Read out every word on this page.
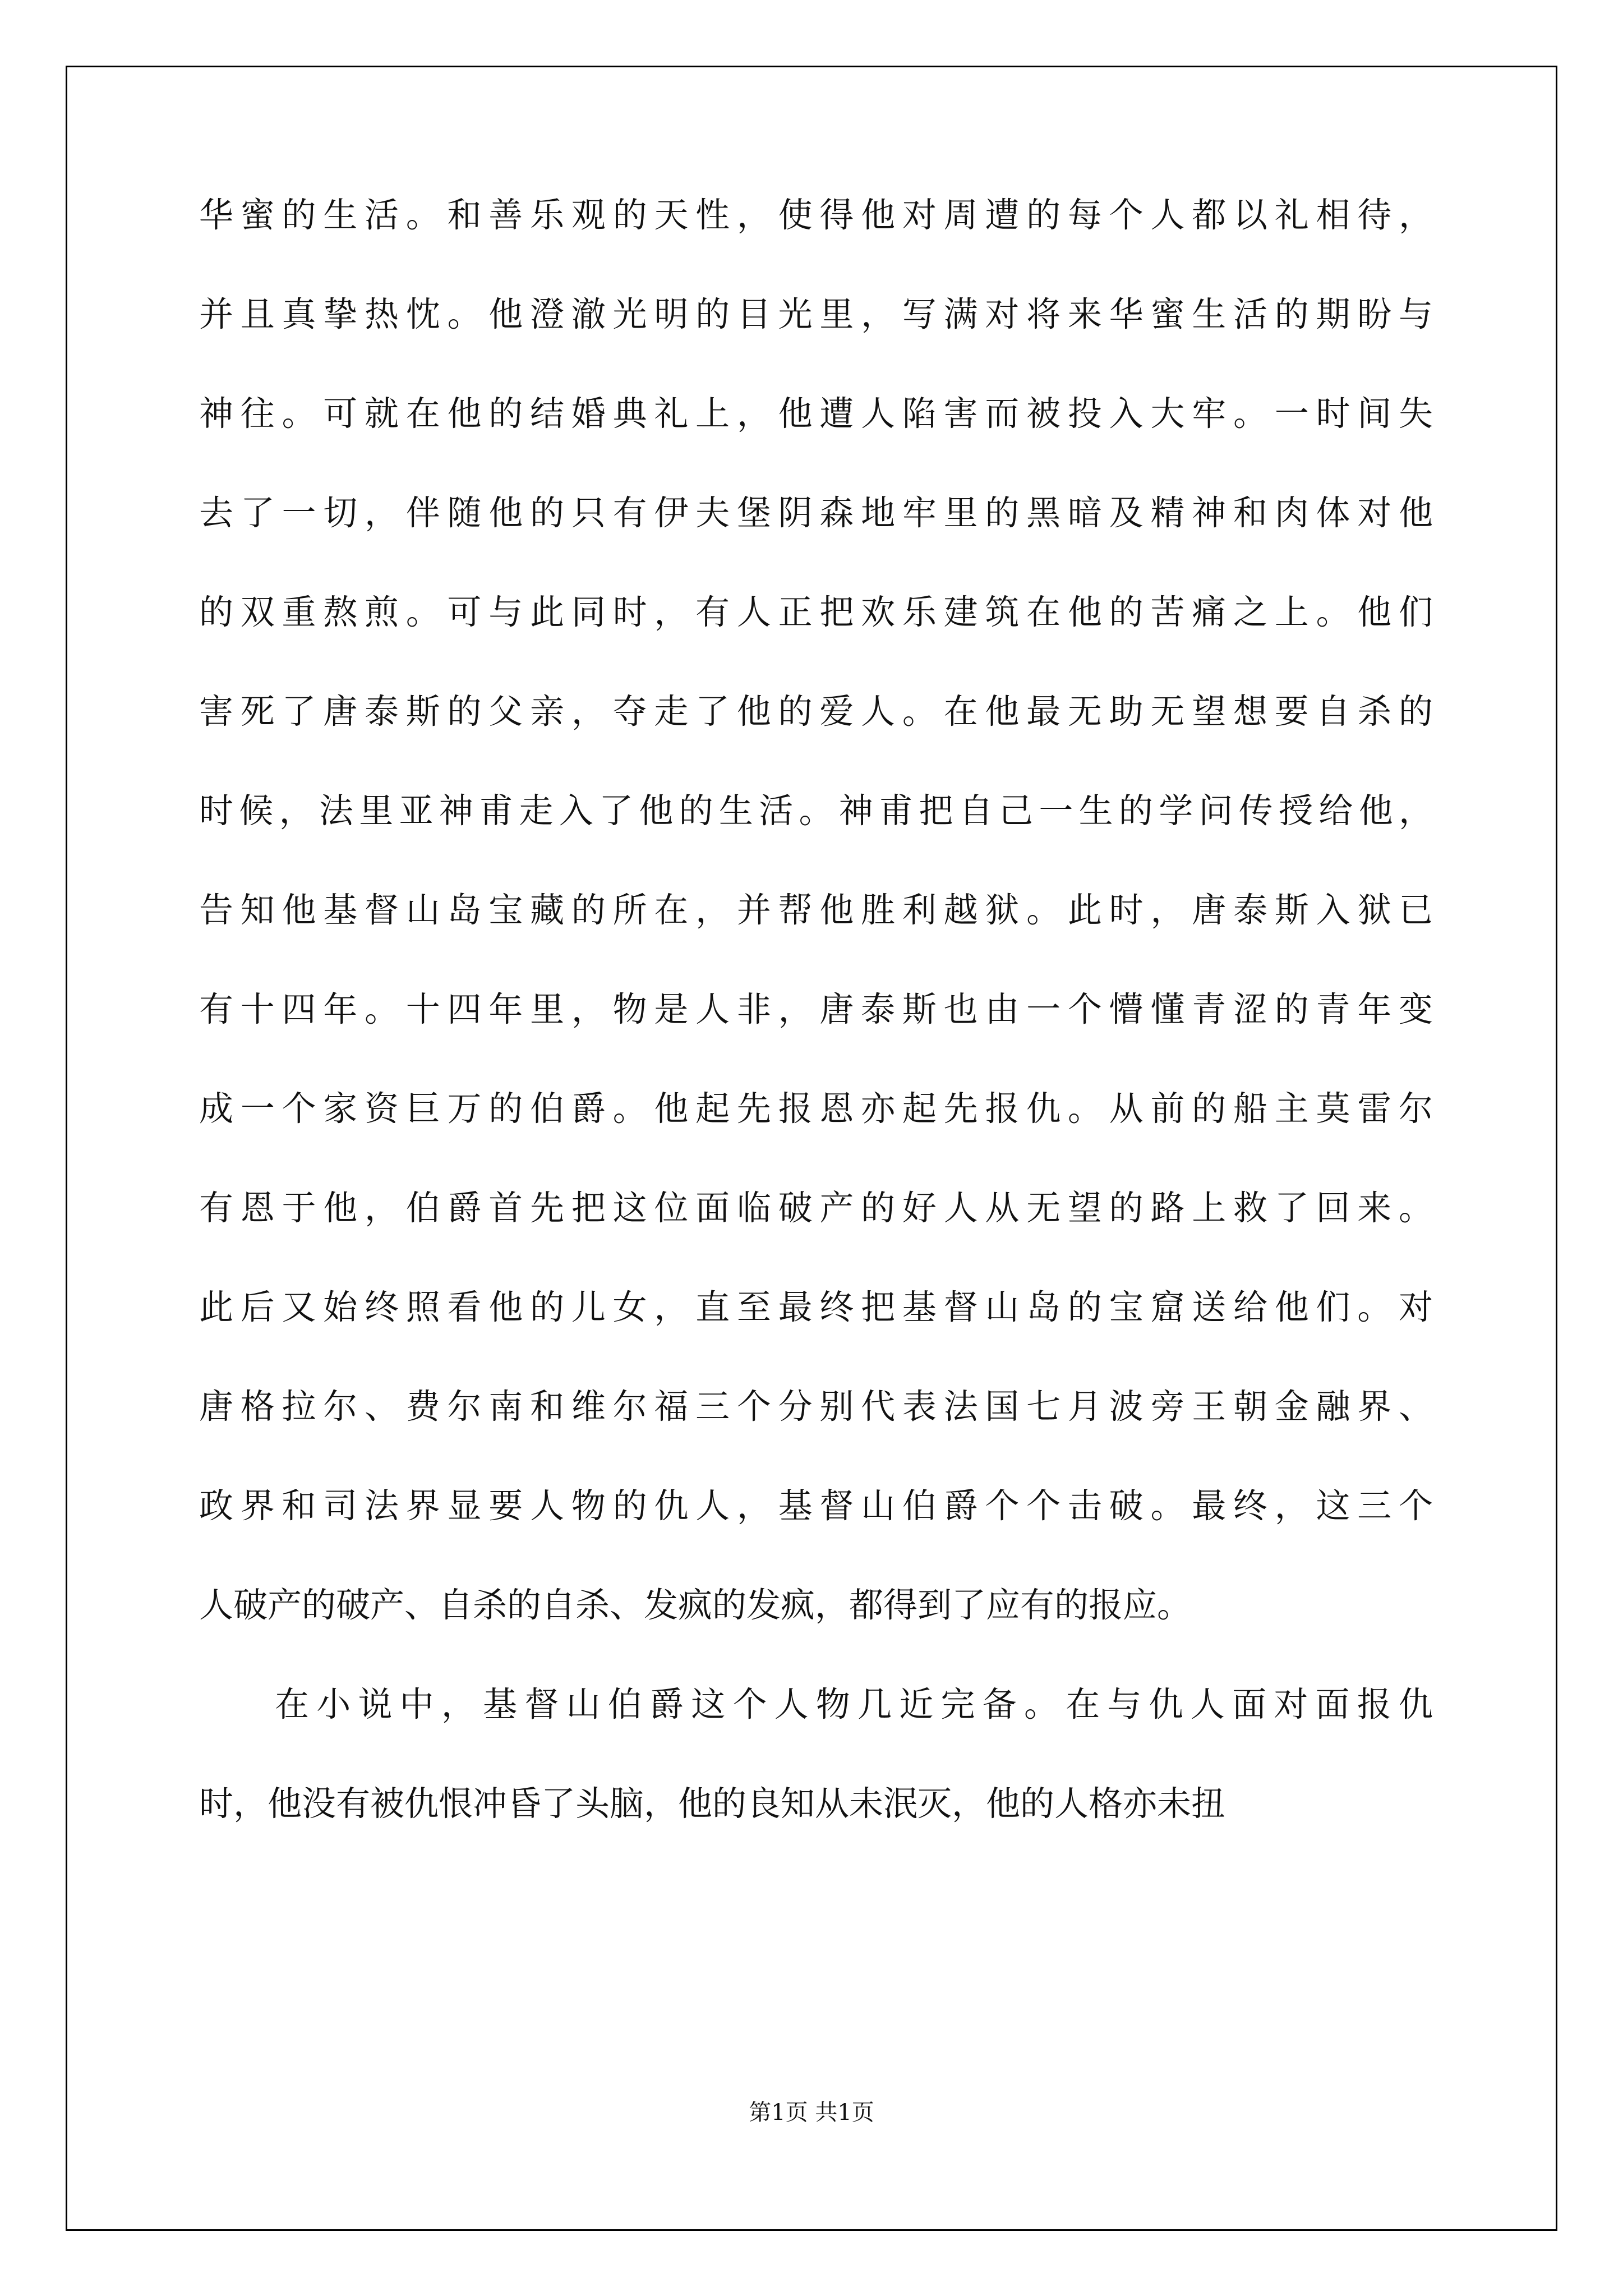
华蜜的生活。和善乐观的天性，使得他对周遭的每个人都以礼相待，
并且真挚热忱。他澄澈光明的目光里，写满对将来华蜜生活的期盼与
神往。可就在他的结婚典礼上，他遭人陷害而被投入大牢。一时间失
去了一切，伴随他的只有伊夫堡阴森地牢里的黑暗及精神和肉体对他
的双重熬煎。可与此同时，有人正把欢乐建筑在他的苦痛之上。他们
害死了唐泰斯的父亲，夺走了他的爱人。在他最无助无望想要自杀的
时候，法里亚神甫走入了他的生活。神甫把自己一生的学问传授给他，
告知他基督山岛宝藏的所在，并帮他胜利越狱。此时，唐泰斯入狱已
有十四年。十四年里，物是人非，唐泰斯也由一个懵懂青涩的青年变
成一个家资巨万的伯爵。他起先报恩亦起先报仇。从前的船主莫雷尔
有恩于他，伯爵首先把这位面临破产的好人从无望的路上救了回来。
此后又始终照看他的儿女，直至最终把基督山岛的宝窟送给他们。对
唐格拉尔、费尔南和维尔福三个分别代表法国七月波旁王朝金融界、
政界和司法界显要人物的仇人，基督山伯爵个个击破。最终，这三个
人破产的破产、自杀的自杀、发疯的发疯，都得到了应有的报应。
在小说中，基督山伯爵这个人物几近完备。在与仇人面对面报仇
时，他没有被仇恨冲昏了头脑，他的良知从未泯灭，他的人格亦未扭
第1页 共1页
